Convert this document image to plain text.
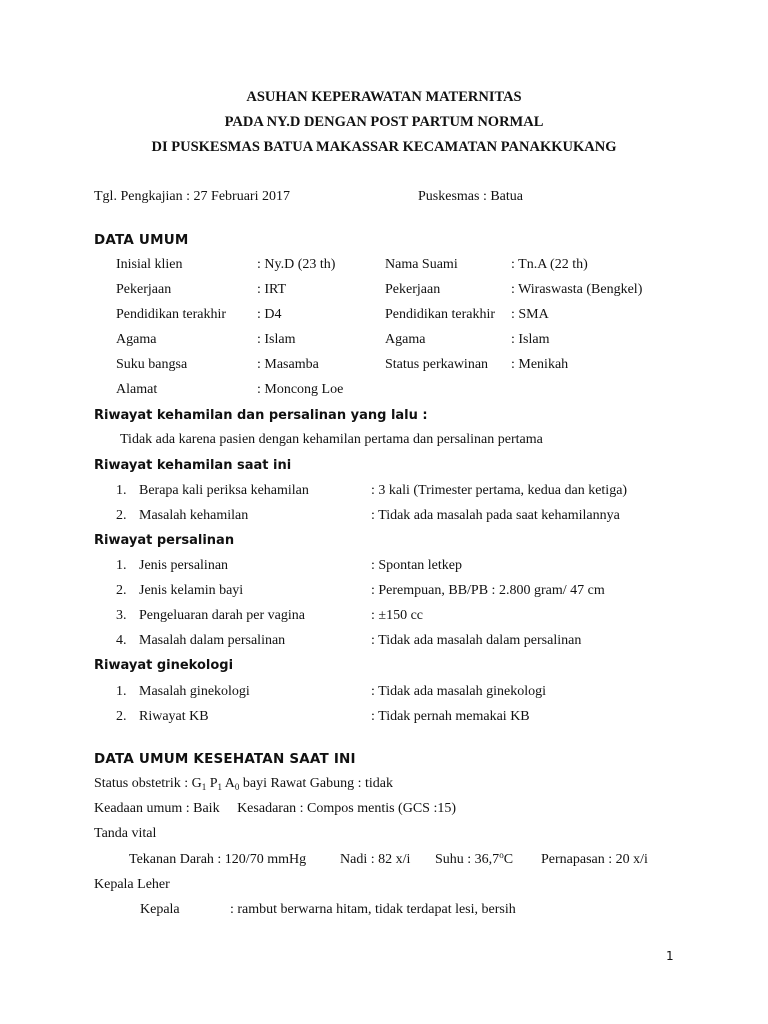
ASUHAN KEPERAWATAN MATERNITAS
PADA NY.D DENGAN POST PARTUM NORMAL
DI PUSKESMAS BATUA MAKASSAR KECAMATAN PANAKKUKANG
Tgl. Pengkajian : 27 Februari 2017	Puskesmas : Batua
DATA UMUM
Inisial klien	: Ny.D (23 th)	Nama Suami	: Tn.A (22 th)
Pekerjaan	: IRT	Pekerjaan	: Wiraswasta (Bengkel)
Pendidikan terakhir : D4	Pendidikan terakhir : SMA
Agama	: Islam	Agama	: Islam
Suku bangsa	: Masamba	Status perkawinan : Menikah
Alamat	: Moncong Loe
Riwayat kehamilan dan persalinan yang lalu :
Tidak ada karena pasien dengan kehamilan pertama dan persalinan pertama
Riwayat kehamilan saat ini
1. Berapa kali periksa kehamilan	: 3 kali (Trimester pertama, kedua dan ketiga)
2. Masalah kehamilan	: Tidak ada masalah pada saat kehamilannya
Riwayat persalinan
1. Jenis persalinan	: Spontan letkep
2. Jenis kelamin bayi	: Perempuan, BB/PB : 2.800 gram/ 47 cm
3. Pengeluaran darah per vagina	: ±150 cc
4. Masalah dalam persalinan	: Tidak ada masalah dalam persalinan
Riwayat ginekologi
1. Masalah ginekologi	: Tidak ada masalah ginekologi
2. Riwayat KB	: Tidak pernah memakai KB
DATA UMUM KESEHATAN SAAT INI
Status obstetrik : $G_1$ $P_1$ $A_0$ bayi Rawat Gabung : tidak
Keadaan umum : Baik     Kesadaran : Compos mentis (GCS :15)
Tanda vital
Tekanan Darah : 120/70 mmHg Nadi : 82 x/i Suhu : 36,7$^o$C Pernapasan : 20 x/i
Kepala Leher
Kepala	: rambut berwarna hitam, tidak terdapat lesi, bersih
1
